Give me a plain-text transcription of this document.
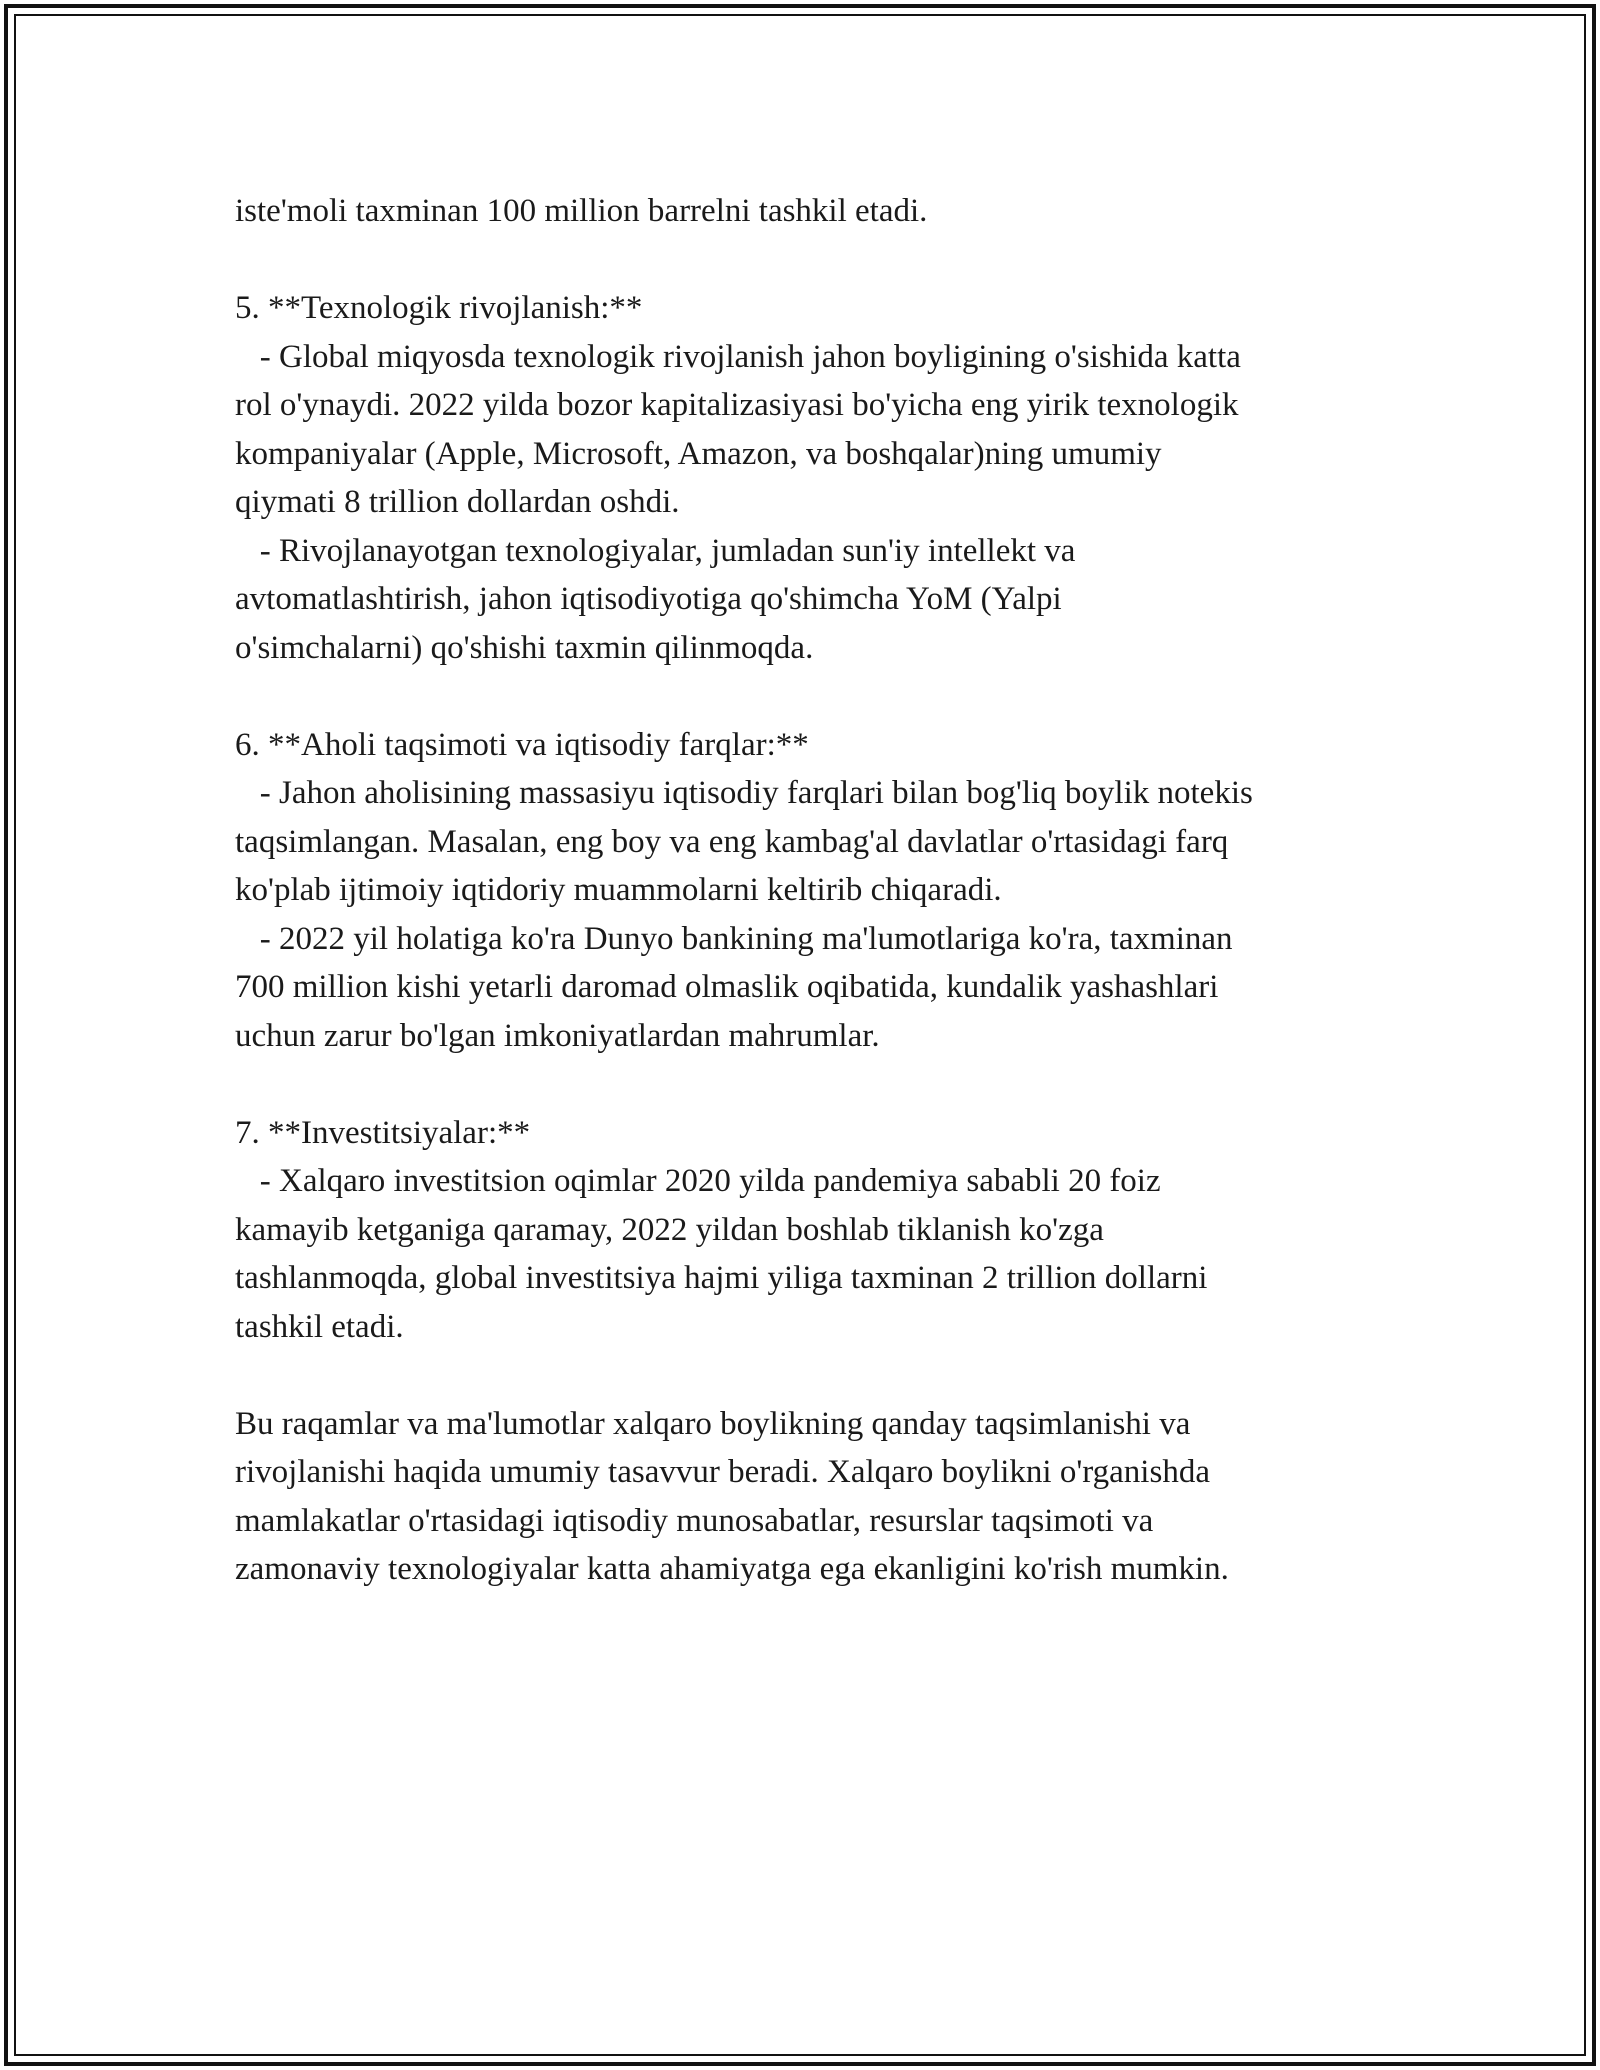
iste'moli taxminan 100 million barrelni tashkil etadi.
5. **Texnologik rivojlanish:**
- Global miqyosda texnologik rivojlanish jahon boyligining o'sishida katta
rol o'ynaydi. 2022 yilda bozor kapitalizasiyasi bo'yicha eng yirik texnologik
kompaniyalar (Apple, Microsoft, Amazon, va boshqalar)ning umumiy
qiymati 8 trillion dollardan oshdi.
- Rivojlanayotgan texnologiyalar, jumladan sun'iy intellekt va
avtomatlashtirish, jahon iqtisodiyotiga qo'shimcha YoM (Yalpi
o'simchalarni) qo'shishi taxmin qilinmoqda.
6. **Aholi taqsimoti va iqtisodiy farqlar:**
- Jahon aholisining massasiyu iqtisodiy farqlari bilan bog'liq boylik notekis
taqsimlangan. Masalan, eng boy va eng kambag'al davlatlar o'rtasidagi farq
ko'plab ijtimoiy iqtidoriy muammolarni keltirib chiqaradi.
- 2022 yil holatiga ko'ra Dunyo bankining ma'lumotlariga ko'ra, taxminan
700 million kishi yetarli daromad olmaslik oqibatida, kundalik yashashlari
uchun zarur bo'lgan imkoniyatlardan mahrumlar.
7. **Investitsiyalar:**
- Xalqaro investitsion oqimlar 2020 yilda pandemiya sababli 20 foiz
kamayib ketganiga qaramay, 2022 yildan boshlab tiklanish ko'zga
tashlanmoqda, global investitsiya hajmi yiliga taxminan 2 trillion dollarni
tashkil etadi.
Bu raqamlar va ma'lumotlar xalqaro boylikning qanday taqsimlanishi va
rivojlanishi haqida umumiy tasavvur beradi. Xalqaro boylikni o'rganishda
mamlakatlar o'rtasidagi iqtisodiy munosabatlar, resurslar taqsimoti va
zamonaviy texnologiyalar katta ahamiyatga ega ekanligini ko'rish mumkin.
